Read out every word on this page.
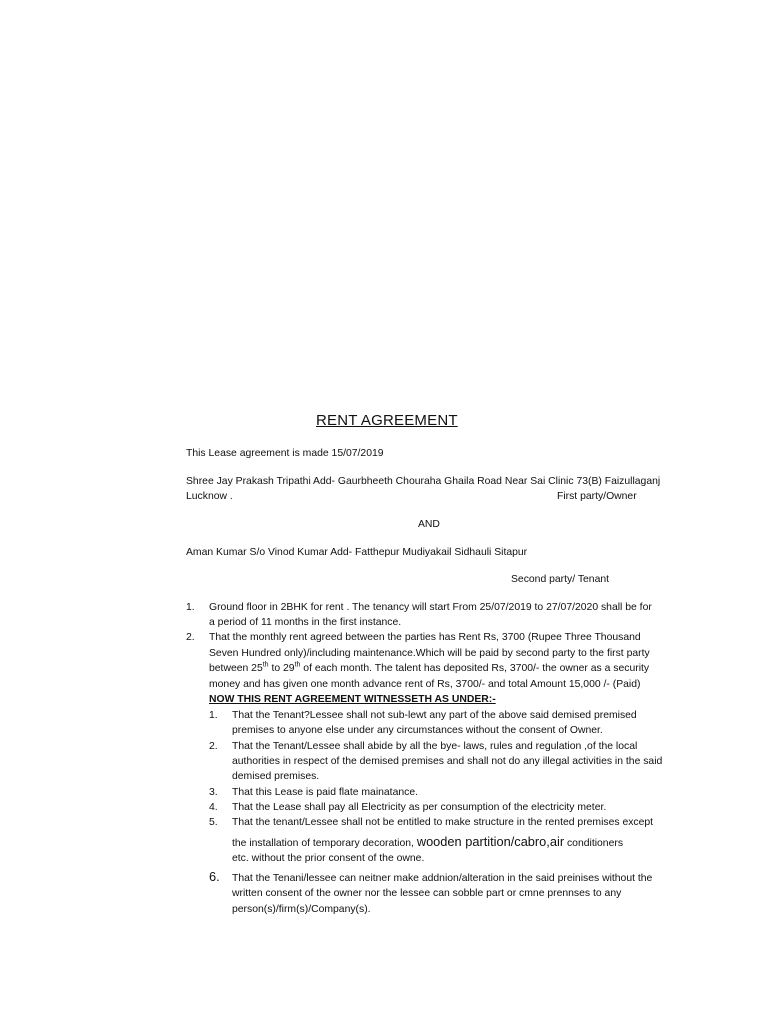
RENT AGREEMENT
This Lease agreement is made 15/07/2019
Shree Jay Prakash Tripathi Add- Gaurbheeth Chouraha Ghaila Road Near Sai Clinic 73(B) Faizullaganj
Lucknow .	First party/Owner
AND
Aman Kumar S/o Vinod Kumar Add- Fatthepur Mudiyakail Sidhauli Sitapur
Second party/ Tenant
1. Ground floor in 2BHK for rent . The tenancy will start From 25/07/2019 to 27/07/2020 shall be for
a period of 11 months in the first instance.
2. That the monthly rent agreed between the parties has Rent Rs, 3700 (Rupee Three Thousand
Seven Hundred only)/including maintenance.Which will be paid by second party to the first party
between 25th to 29th of each month. The talent has deposited Rs, 3700/- the owner as a security
money and has given one month advance rent of Rs, 3700/- and total Amount 15,000 /- (Paid)
NOW THIS RENT AGREEMENT WITNESSETH AS UNDER:-
1. That the Tenant?Lessee shall not sub-lewt any part of the above said demised premised
premises to anyone else under any circumstances without the consent of Owner.
2. That the Tenant/Lessee shall abide by all the bye- laws, rules and regulation ,of the local
authorities in respect of the demised premises and shall not do any illegal activities in the said
demised premises.
3. That this Lease is paid flate mainatance.
4. That the Lease shall pay all Electricity as per consumption of the electricity meter.
5. That the tenant/Lessee shall not be entitled to make structure in the rented premises except
the installation of temporary decoration, wooden partition/cabro,air conditioners
etc. without the prior consent of the owne.
6. That the Tenani/lessee can neitner make addnion/alteration in the said preinises without the
written consent of the owner nor the lessee can sobble part or cmne prennses to any
person(s)/firm(s)/Company(s).
